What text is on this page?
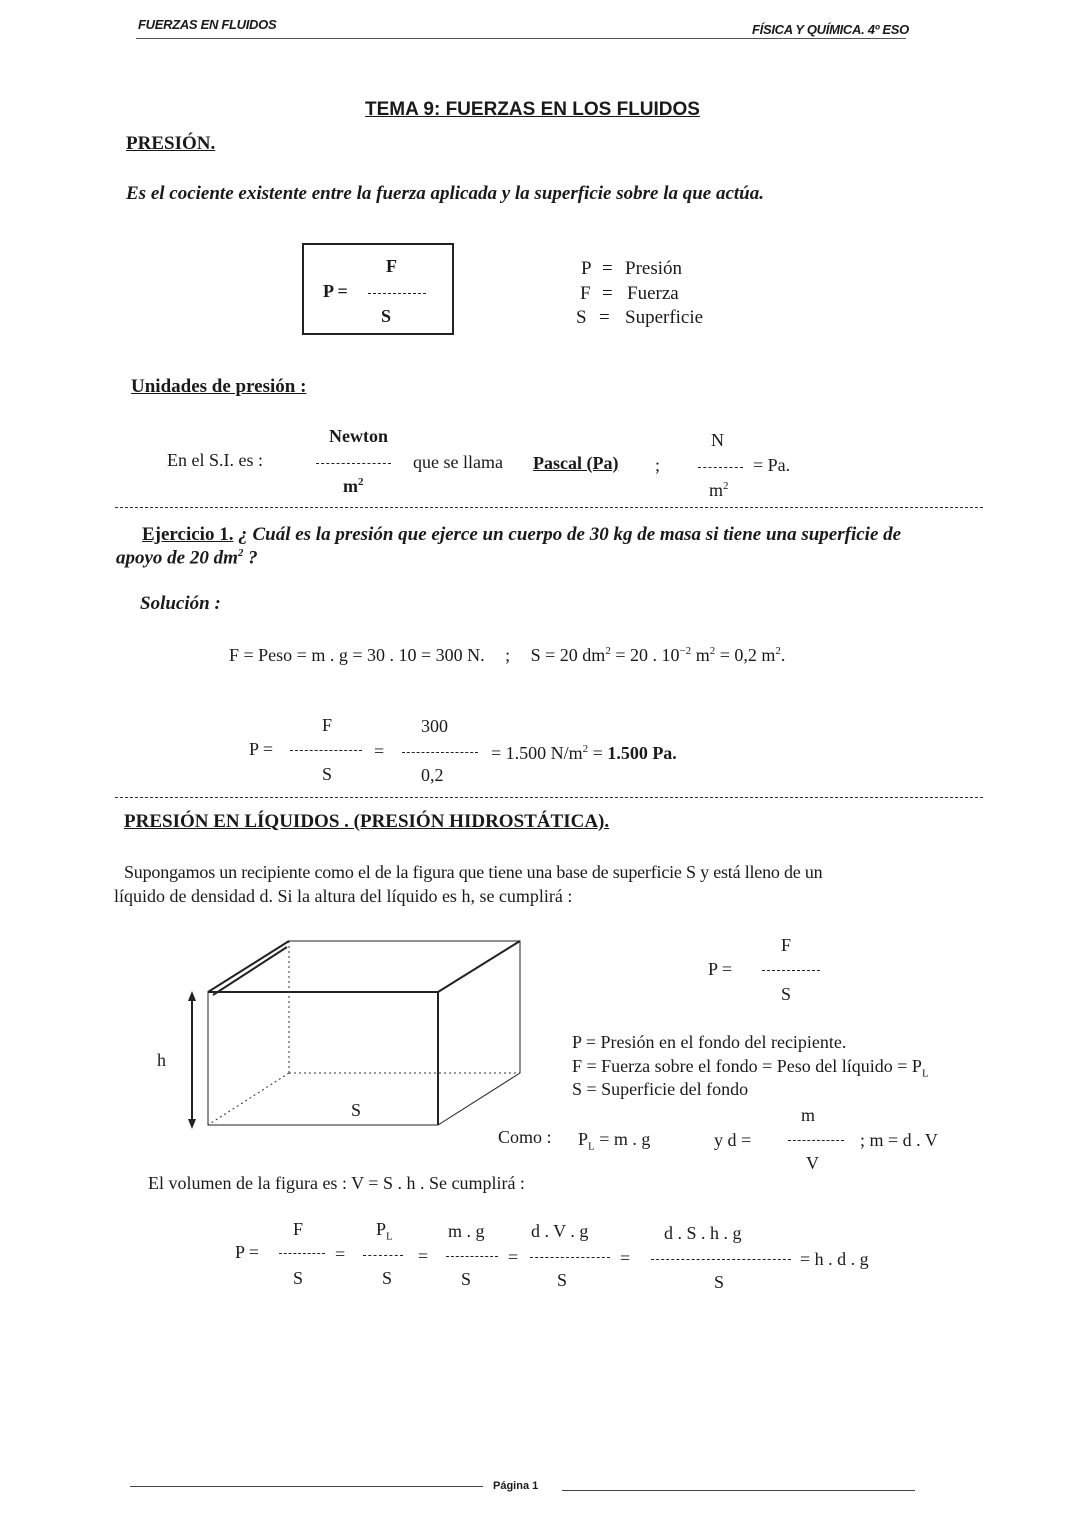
FUERZAS EN FLUIDOS	FÍSICA Y QUÍMICA. 4º ESO
TEMA 9: FUERZAS EN LOS FLUIDOS
PRESIÓN.
Es el cociente existente entre la fuerza aplicada y la superficie sobre la que actúa.
P =
F
S
P = Presión
F = Fuerza
S = Superficie
Unidades de presión :
En el S.I. es :
Newton
$m^2$
que se llama Pascal (Pa) ;
N
$m^2$
= Pa.
Ejercicio 1. ¿ Cuál es la presión que ejerce un cuerpo de 30 kg de masa si tiene una superficie de
apoyo de 20 $dm^2$ ?
Solución :
F = Peso = m . g = 30 . 10 = 300 N. ; S = 20 $dm^2 = 20$ . $10^{-2}$ $m^2 = 0,2$ $m^2$.
P =
F
S
=
300
0,2
= 1.500 $N/m^2 = 1.500$ Pa.
PRESIÓN EN LÍQUIDOS . (PRESIÓN HIDROSTÁTICA).
Supongamos un recipiente como el de la figura que tiene una base de superficie S y está lleno de un
líquido de densidad d. Si la altura del líquido es h, se cumplirá :
h
S
P =
F
S
P = Presión en el fondo del recipiente.
F = Fuerza sobre el fondo = Peso del líquido = $P_L$
S = Superficie del fondo
Como : $P_L = m$ . g	y d =
m
V
; m = d . V
El volumen de la figura es : V = S . h . Se cumplirá :
P =
F
S
=
$P_L$
S
=
m . g
S
=
d . V . g
S
=
d . S . h . g
S
= h . d . g
Página 1
